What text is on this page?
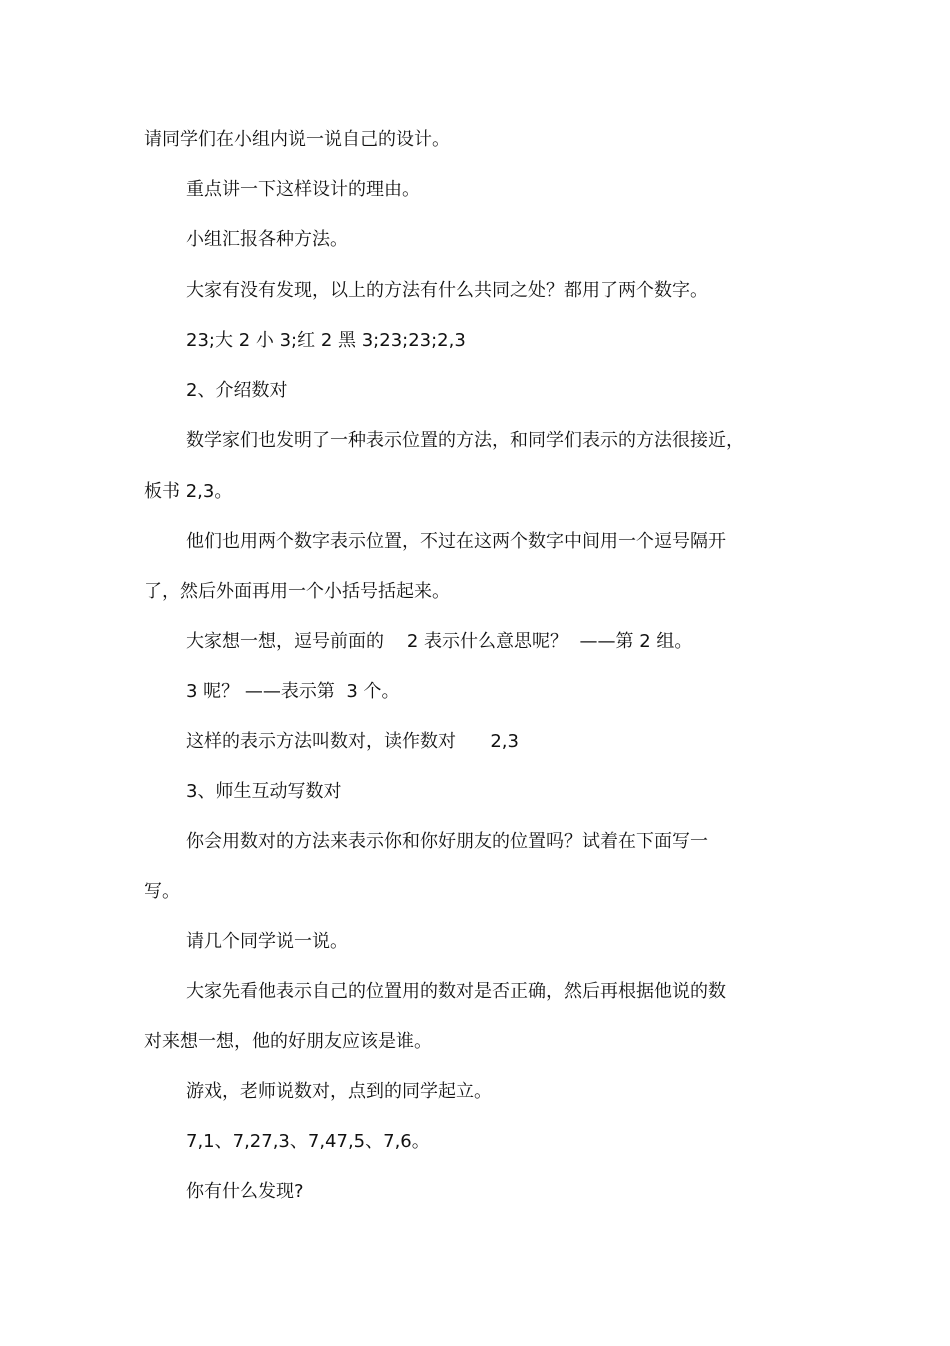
请同学们在小组内说一说自己的设计。
重点讲一下这样设计的理由。
小组汇报各种方法。
大家有没有发现，以上的方法有什么共同之处？都用了两个数字。
23;大 2 小 3;红 2 黑 3;23;23;2,3
2、介绍数对
数学家们也发明了一种表示位置的方法，和同学们表示的方法很接近，
板书 2,3。
他们也用两个数字表示位置，不过在这两个数字中间用一个逗号隔开
了，然后外面再用一个小括号括起来。
大家想一想，逗号前面的    2 表示什么意思呢？  ——第 2 组。
3 呢？ ——表示第  3 个。
这样的表示方法叫数对，读作数对      2,3
3、师生互动写数对
你会用数对的方法来表示你和你好朋友的位置吗？试着在下面写一
写。
请几个同学说一说。
大家先看他表示自己的位置用的数对是否正确，然后再根据他说的数
对来想一想，他的好朋友应该是谁。
游戏，老师说数对，点到的同学起立。
7,1、7,27,3、7,47,5、7,6。
你有什么发现?
